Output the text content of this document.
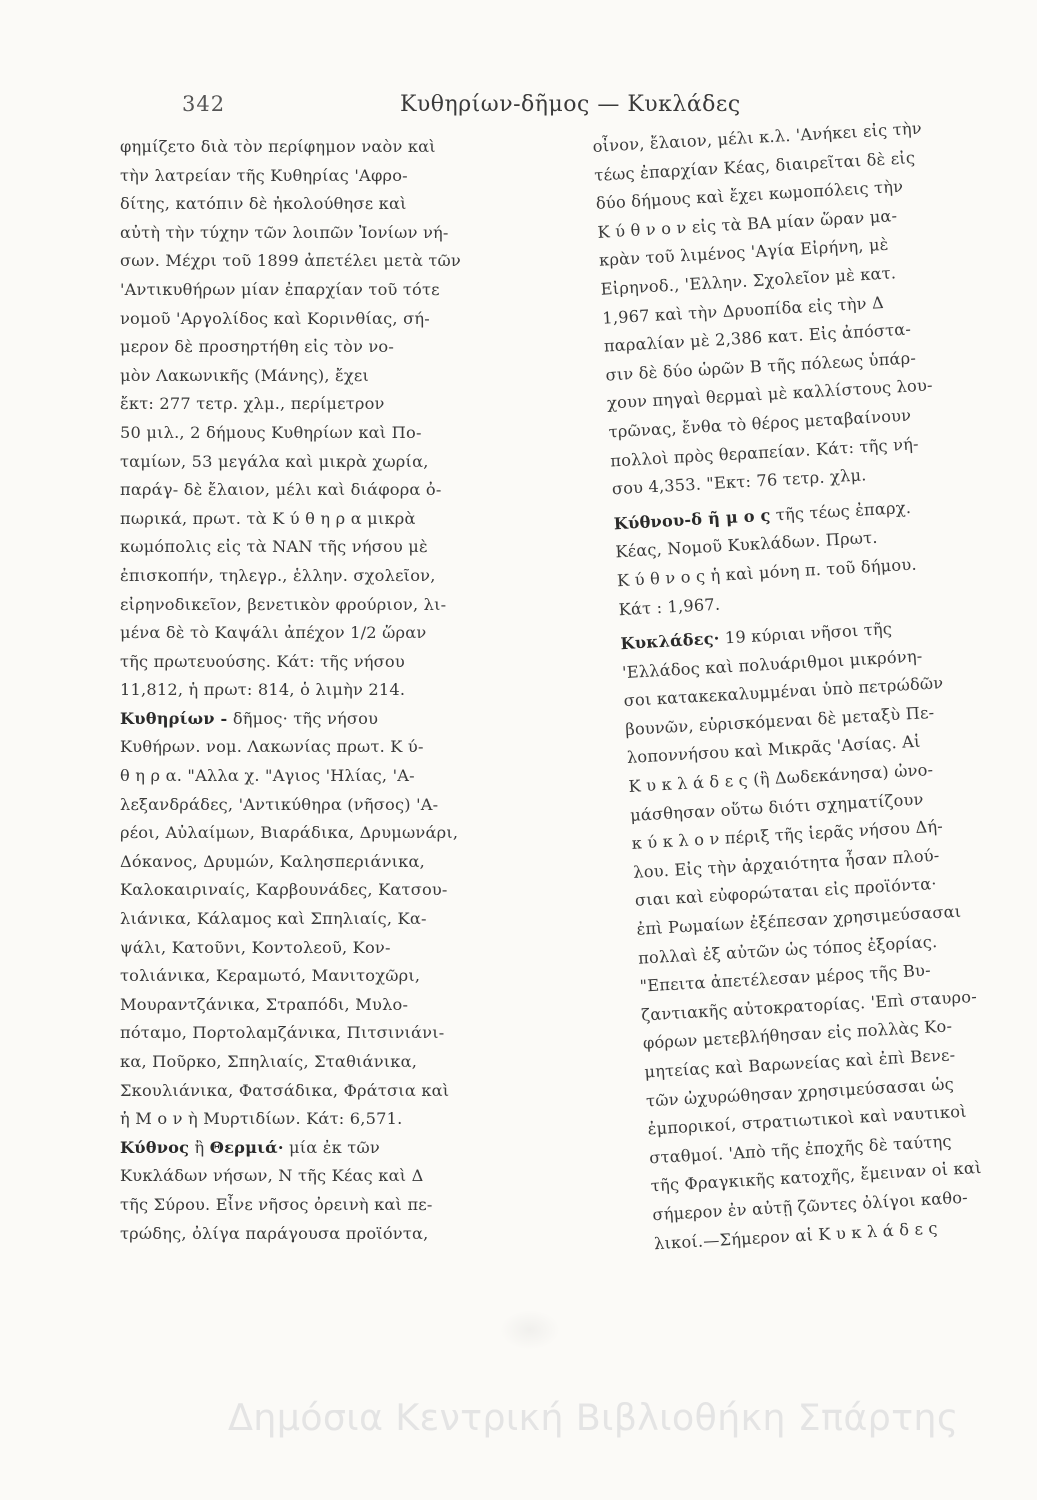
342	Κυθηρίων-δῆμος — Κυκλάδες
φημίζετο διὰ τὸν περίφημον ναὸν καὶ
τὴν λατρείαν τῆς Κυθηρίας 'Αφρο-
δίτης, κατόπιν δὲ ἠκολούθησε καὶ
αὐτὴ τὴν τύχην τῶν λοιπῶν Ἰονίων νή-
σων. Μέχρι τοῦ 1899 ἀπετέλει μετὰ τῶν
'Αντικυθήρων μίαν ἐπαρχίαν τοῦ τότε
νομοῦ 'Αργολίδος καὶ Κορινθίας, σή-
μερον δὲ προσηρτήθη εἰς τὸν νο-
μὸν Λακωνικῆς (Μάνης), ἔχει
ἔκτ: 277 τετρ. χλμ., περίμετρον
50 μιλ., 2 δήμους Κυθηρίων καὶ Πο-
ταμίων, 53 μεγάλα καὶ μικρὰ χωρία,
παράγ- δὲ ἔλαιον, μέλι καὶ διάφορα ὀ-
πωρικά, πρωτ. τὰ Κ ύ θ η ρ α μικρὰ
κωμόπολις εἰς τὰ ΝΑΝ τῆς νήσου μὲ
ἐπισκοπήν, τηλεγρ., ἑλλην. σχολεῖον,
εἰρηνοδικεῖον, βενετικὸν φρούριον, λι-
μένα δὲ τὸ Καψάλι ἀπέχον 1/2 ὥραν
τῆς πρωτευούσης. Κάτ: τῆς νήσου
11,812, ἡ πρωτ: 814, ὁ λιμὴν 214.
Κυθηρίων - δῆμος· τῆς νήσου
Κυθήρων. νομ. Λακωνίας πρωτ. Κ ύ-
θ η ρ α. "Αλλα χ. "Αγιος 'Ηλίας, 'Α-
λεξανδράδες, 'Αντικύθηρα (νῆσος) 'Α-
ρέοι, Αὐλαίμων, Βιαράδικα, Δρυμωνάρι,
Δόκανος, Δρυμών, Καλησπεριάνικα,
Καλοκαιριναίς, Καρβουνάδες, Κατσου-
λιάνικα, Κάλαμος καὶ Σπηλιαίς, Κα-
ψάλι, Κατοῦνι, Κοντολεοῦ, Κον-
τολιάνικα, Κεραμωτό, Μανιτοχῶρι,
Μουραντζάνικα, Στραπόδι, Μυλο-
πόταμο, Πορτολαμζάνικα, Πιτσινιάνι-
κα, Ποῦρκο, Σπηλιαίς, Σταθιάνικα,
Σκουλιάνικα, Φατσάδικα, Φράτσια καὶ
ἡ Μ ο ν ὴ Μυρτιδίων. Κάτ: 6,571.
Κύθνος ἢ Θερμιά· μία ἐκ τῶν
Κυκλάδων νήσων, Ν τῆς Κέας καὶ Δ
τῆς Σύρου. Εἶνε νῆσος ὀρεινὴ καὶ πε-
τρώδης, ὀλίγα παράγουσα προϊόντα,
οἶνον, ἔλαιον, μέλι κ.λ. 'Ανήκει εἰς τὴν
τέως ἐπαρχίαν Κέας, διαιρεῖται δὲ εἰς
δύο δήμους καὶ ἔχει κωμοπόλεις τὴν
Κ ύ θ ν ο ν εἰς τὰ ΒΑ μίαν ὥραν μα-
κρὰν τοῦ λιμένος 'Αγία Εἰρήνη, μὲ
Εἰρηνοδ., 'Ελλην. Σχολεῖον μὲ κατ.
1,967 καὶ τὴν Δρυοπίδα εἰς τὴν Δ
παραλίαν μὲ 2,386 κατ. Εἰς ἀπόστα-
σιν δὲ δύο ὡρῶν Β τῆς πόλεως ὑπάρ-
χουν πηγαὶ θερμαὶ μὲ καλλίστους λου-
τρῶνας, ἔνθα τὸ θέρος μεταβαίνουν
πολλοὶ πρὸς θεραπείαν. Κάτ: τῆς νή-
σου 4,353. "Εκτ: 76 τετρ. χλμ.
Κύθνου-δ ῆ μ ο ς τῆς τέως ἐπαρχ.
Κέας, Νομοῦ Κυκλάδων. Πρωτ.
Κ ύ θ ν ο ς ἡ καὶ μόνη π. τοῦ δήμου.
Κάτ : 1,967.
Κυκλάδες· 19 κύριαι νῆσοι τῆς
'Ελλάδος καὶ πολυάριθμοι μικρόνη-
σοι κατακεκαλυμμέναι ὑπὸ πετρώδῶν
βουνῶν, εὑρισκόμεναι δὲ μεταξὺ Πε-
λοποννήσου καὶ Μικρᾶς 'Ασίας. Αἱ
Κ υ κ λ ά δ ε ς (ἢ Δωδεκάνησα) ὠνο-
μάσθησαν οὕτω διότι σχηματίζουν
κ ύ κ λ ο ν πέριξ τῆς ἱερᾶς νήσου Δή-
λου. Εἰς τὴν ἀρχαιότητα ἦσαν πλού-
σιαι καὶ εὐφορώταται εἰς προϊόντα·
ἐπὶ Ρωμαίων ἐξέπεσαν χρησιμεύσασαι
πολλαὶ ἐξ αὐτῶν ὡς τόπος ἐξορίας.
"Επειτα ἀπετέλεσαν μέρος τῆς Βυ-
ζαντιακῆς αὐτοκρατορίας. 'Επὶ σταυρο-
φόρων μετεβλήθησαν εἰς πολλὰς Κο-
μητείας καὶ Βαρωνείας καὶ ἐπὶ Βενε-
τῶν ὠχυρώθησαν χρησιμεύσασαι ὡς
ἐμπορικοί, στρατιωτικοὶ καὶ ναυτικοὶ
σταθμοί. 'Απὸ τῆς ἐποχῆς δὲ ταύτης
τῆς Φραγκικῆς κατοχῆς, ἔμειναν οἱ καὶ
σήμερον ἐν αὐτῇ ζῶντες ὀλίγοι καθο-
λικοί.—Σήμερον αἱ Κ υ κ λ ά δ ε ς
Δημόσια Κεντρική Βιβλιοθήκη Σπάρτης
